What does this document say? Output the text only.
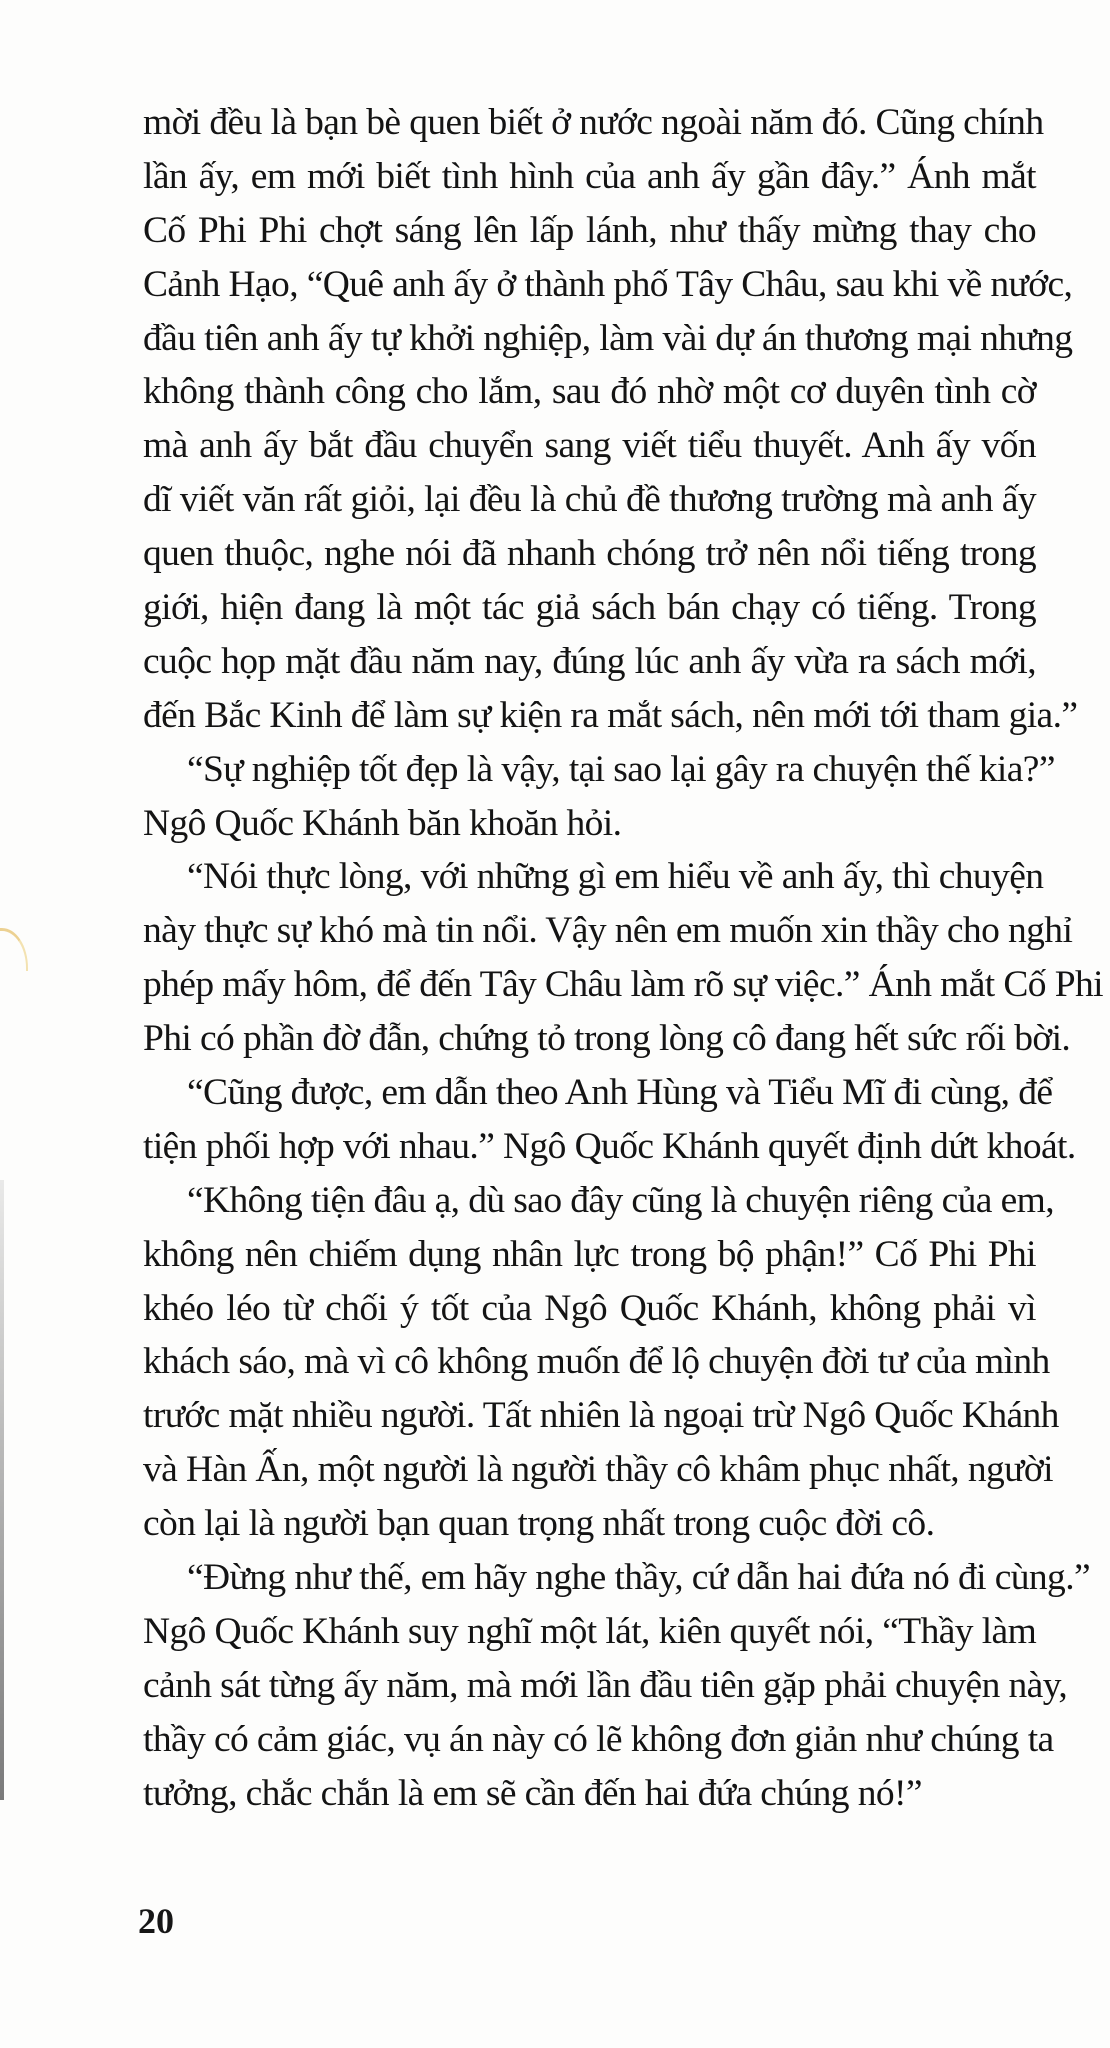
mời đều là bạn bè quen biết ở nước ngoài năm đó. Cũng chính
lần ấy, em mới biết tình hình của anh ấy gần đây.” Ánh mắt
Cố Phi Phi chợt sáng lên lấp lánh, như thấy mừng thay cho
Cảnh Hạo, “Quê anh ấy ở thành phố Tây Châu, sau khi về nước,
đầu tiên anh ấy tự khởi nghiệp, làm vài dự án thương mại nhưng
không thành công cho lắm, sau đó nhờ một cơ duyên tình cờ
mà anh ấy bắt đầu chuyển sang viết tiểu thuyết. Anh ấy vốn
dĩ viết văn rất giỏi, lại đều là chủ đề thương trường mà anh ấy
quen thuộc, nghe nói đã nhanh chóng trở nên nổi tiếng trong
giới, hiện đang là một tác giả sách bán chạy có tiếng. Trong
cuộc họp mặt đầu năm nay, đúng lúc anh ấy vừa ra sách mới,
đến Bắc Kinh để làm sự kiện ra mắt sách, nên mới tới tham gia.”
“Sự nghiệp tốt đẹp là vậy, tại sao lại gây ra chuyện thế kia?”
Ngô Quốc Khánh băn khoăn hỏi.
“Nói thực lòng, với những gì em hiểu về anh ấy, thì chuyện
này thực sự khó mà tin nổi. Vậy nên em muốn xin thầy cho nghỉ
phép mấy hôm, để đến Tây Châu làm rõ sự việc.” Ánh mắt Cố Phi
Phi có phần đờ đẫn, chứng tỏ trong lòng cô đang hết sức rối bời.
“Cũng được, em dẫn theo Anh Hùng và Tiểu Mĩ đi cùng, để
tiện phối hợp với nhau.” Ngô Quốc Khánh quyết định dứt khoát.
“Không tiện đâu ạ, dù sao đây cũng là chuyện riêng của em,
không nên chiếm dụng nhân lực trong bộ phận!” Cố Phi Phi
khéo léo từ chối ý tốt của Ngô Quốc Khánh, không phải vì
khách sáo, mà vì cô không muốn để lộ chuyện đời tư của mình
trước mặt nhiều người. Tất nhiên là ngoại trừ Ngô Quốc Khánh
và Hàn Ấn, một người là người thầy cô khâm phục nhất, người
còn lại là người bạn quan trọng nhất trong cuộc đời cô.
“Đừng như thế, em hãy nghe thầy, cứ dẫn hai đứa nó đi cùng.”
Ngô Quốc Khánh suy nghĩ một lát, kiên quyết nói, “Thầy làm
cảnh sát từng ấy năm, mà mới lần đầu tiên gặp phải chuyện này,
thầy có cảm giác, vụ án này có lẽ không đơn giản như chúng ta
tưởng, chắc chắn là em sẽ cần đến hai đứa chúng nó!”
20
